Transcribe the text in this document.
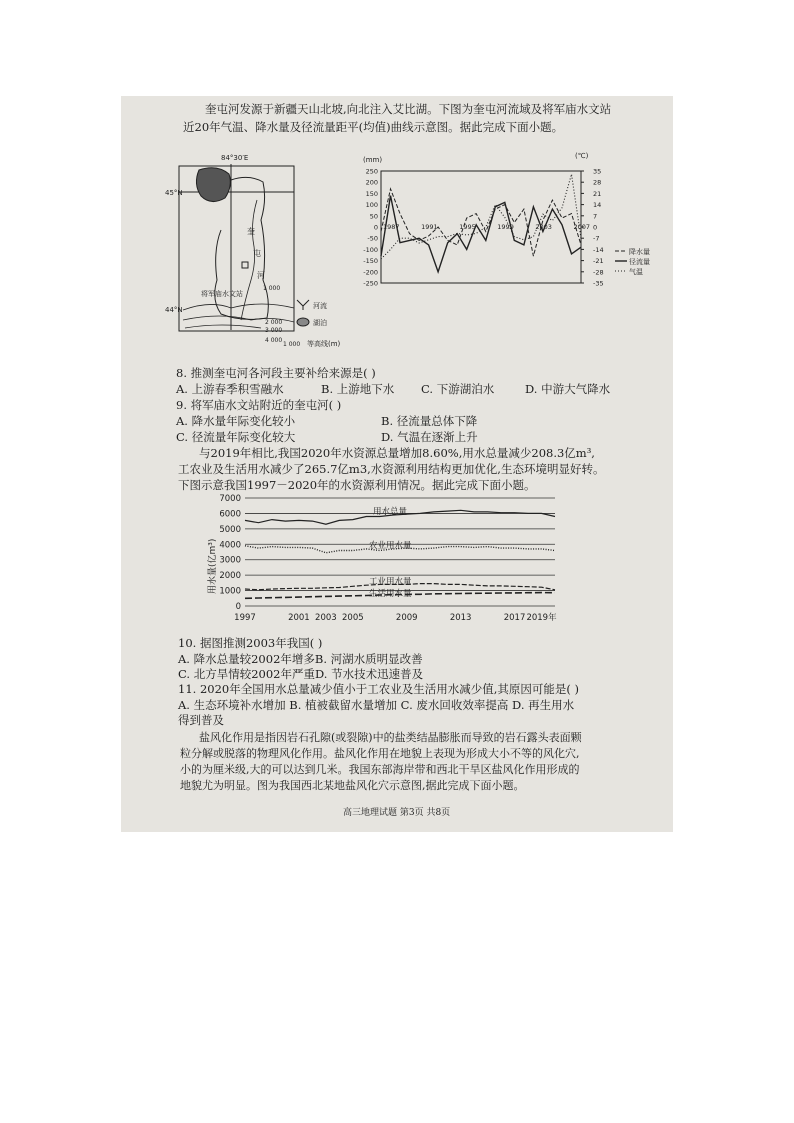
奎屯河发源于新疆天山北坡,向北注入艾比湖。下图为奎屯河流域及将军庙水文站
近20年气温、降水量及径流量距平(均值)曲线示意图。据此完成下面小题。
84°30′E
45°N
奎
屯
河
将军庙水文站
1 000
44°N
2 000
3 000
4 000
河流
湖泊
1 000 等高线(m)
(mm)	(℃)
250
200
150
100
50
0
-50
-100
-150
-200
-250
35
28
21
14
7
0
-7
-14
-21
-28
-35
1987	1991	1995	1999	2003	2007
降水量
径流量
气温
8. 推测奎屯河各河段主要补给来源是( )
A. 上游春季积雪融水	B. 上游地下水 C. 下游湖泊水	D. 中游大气降水
9. 将军庙水文站附近的奎屯河( )
A. 降水量年际变化较小	B. 径流量总体下降
C. 径流量年际变化较大	D. 气温在逐渐上升
与2019年相比,我国2020年水资源总量增加8.60%,用水总量减少208.3亿m³,
工农业及生活用水减少了265.7亿m3,水资源利用结构更加优化,生态环境明显好转。
下图示意我国1997－2020年的水资源利用情况。据此完成下面小题。
用水量(亿m³)
7000
6000
5000
4000
3000
2000
1000
0
用水总量
农业用水量
工业用水量
生活用水量
1997	2001 2003 2005	2009	2013	2017 2019年
10. 据图推测2003年我国( )
A. 降水总量较2002年增多B. 河湖水质明显改善
C. 北方旱情较2002年严重D. 节水技术迅速普及
11. 2020年全国用水总量减少值小于工农业及生活用水减少值,其原因可能是( )
A. 生态环境补水增加 B. 植被截留水量增加 C. 废水回收效率提高 D. 再生用水
得到普及
盐风化作用是指因岩石孔隙(或裂隙)中的盐类结晶膨胀而导致的岩石露头表面颗
粒分解或脱落的物理风化作用。盐风化作用在地貌上表现为形成大小不等的风化穴,
小的为厘米级,大的可以达到几米。我国东部海岸带和西北干旱区盐风化作用形成的
地貌尤为明显。图为我国西北某地盐风化穴示意图,据此完成下面小题。
高三地理试题 第3页 共8页
